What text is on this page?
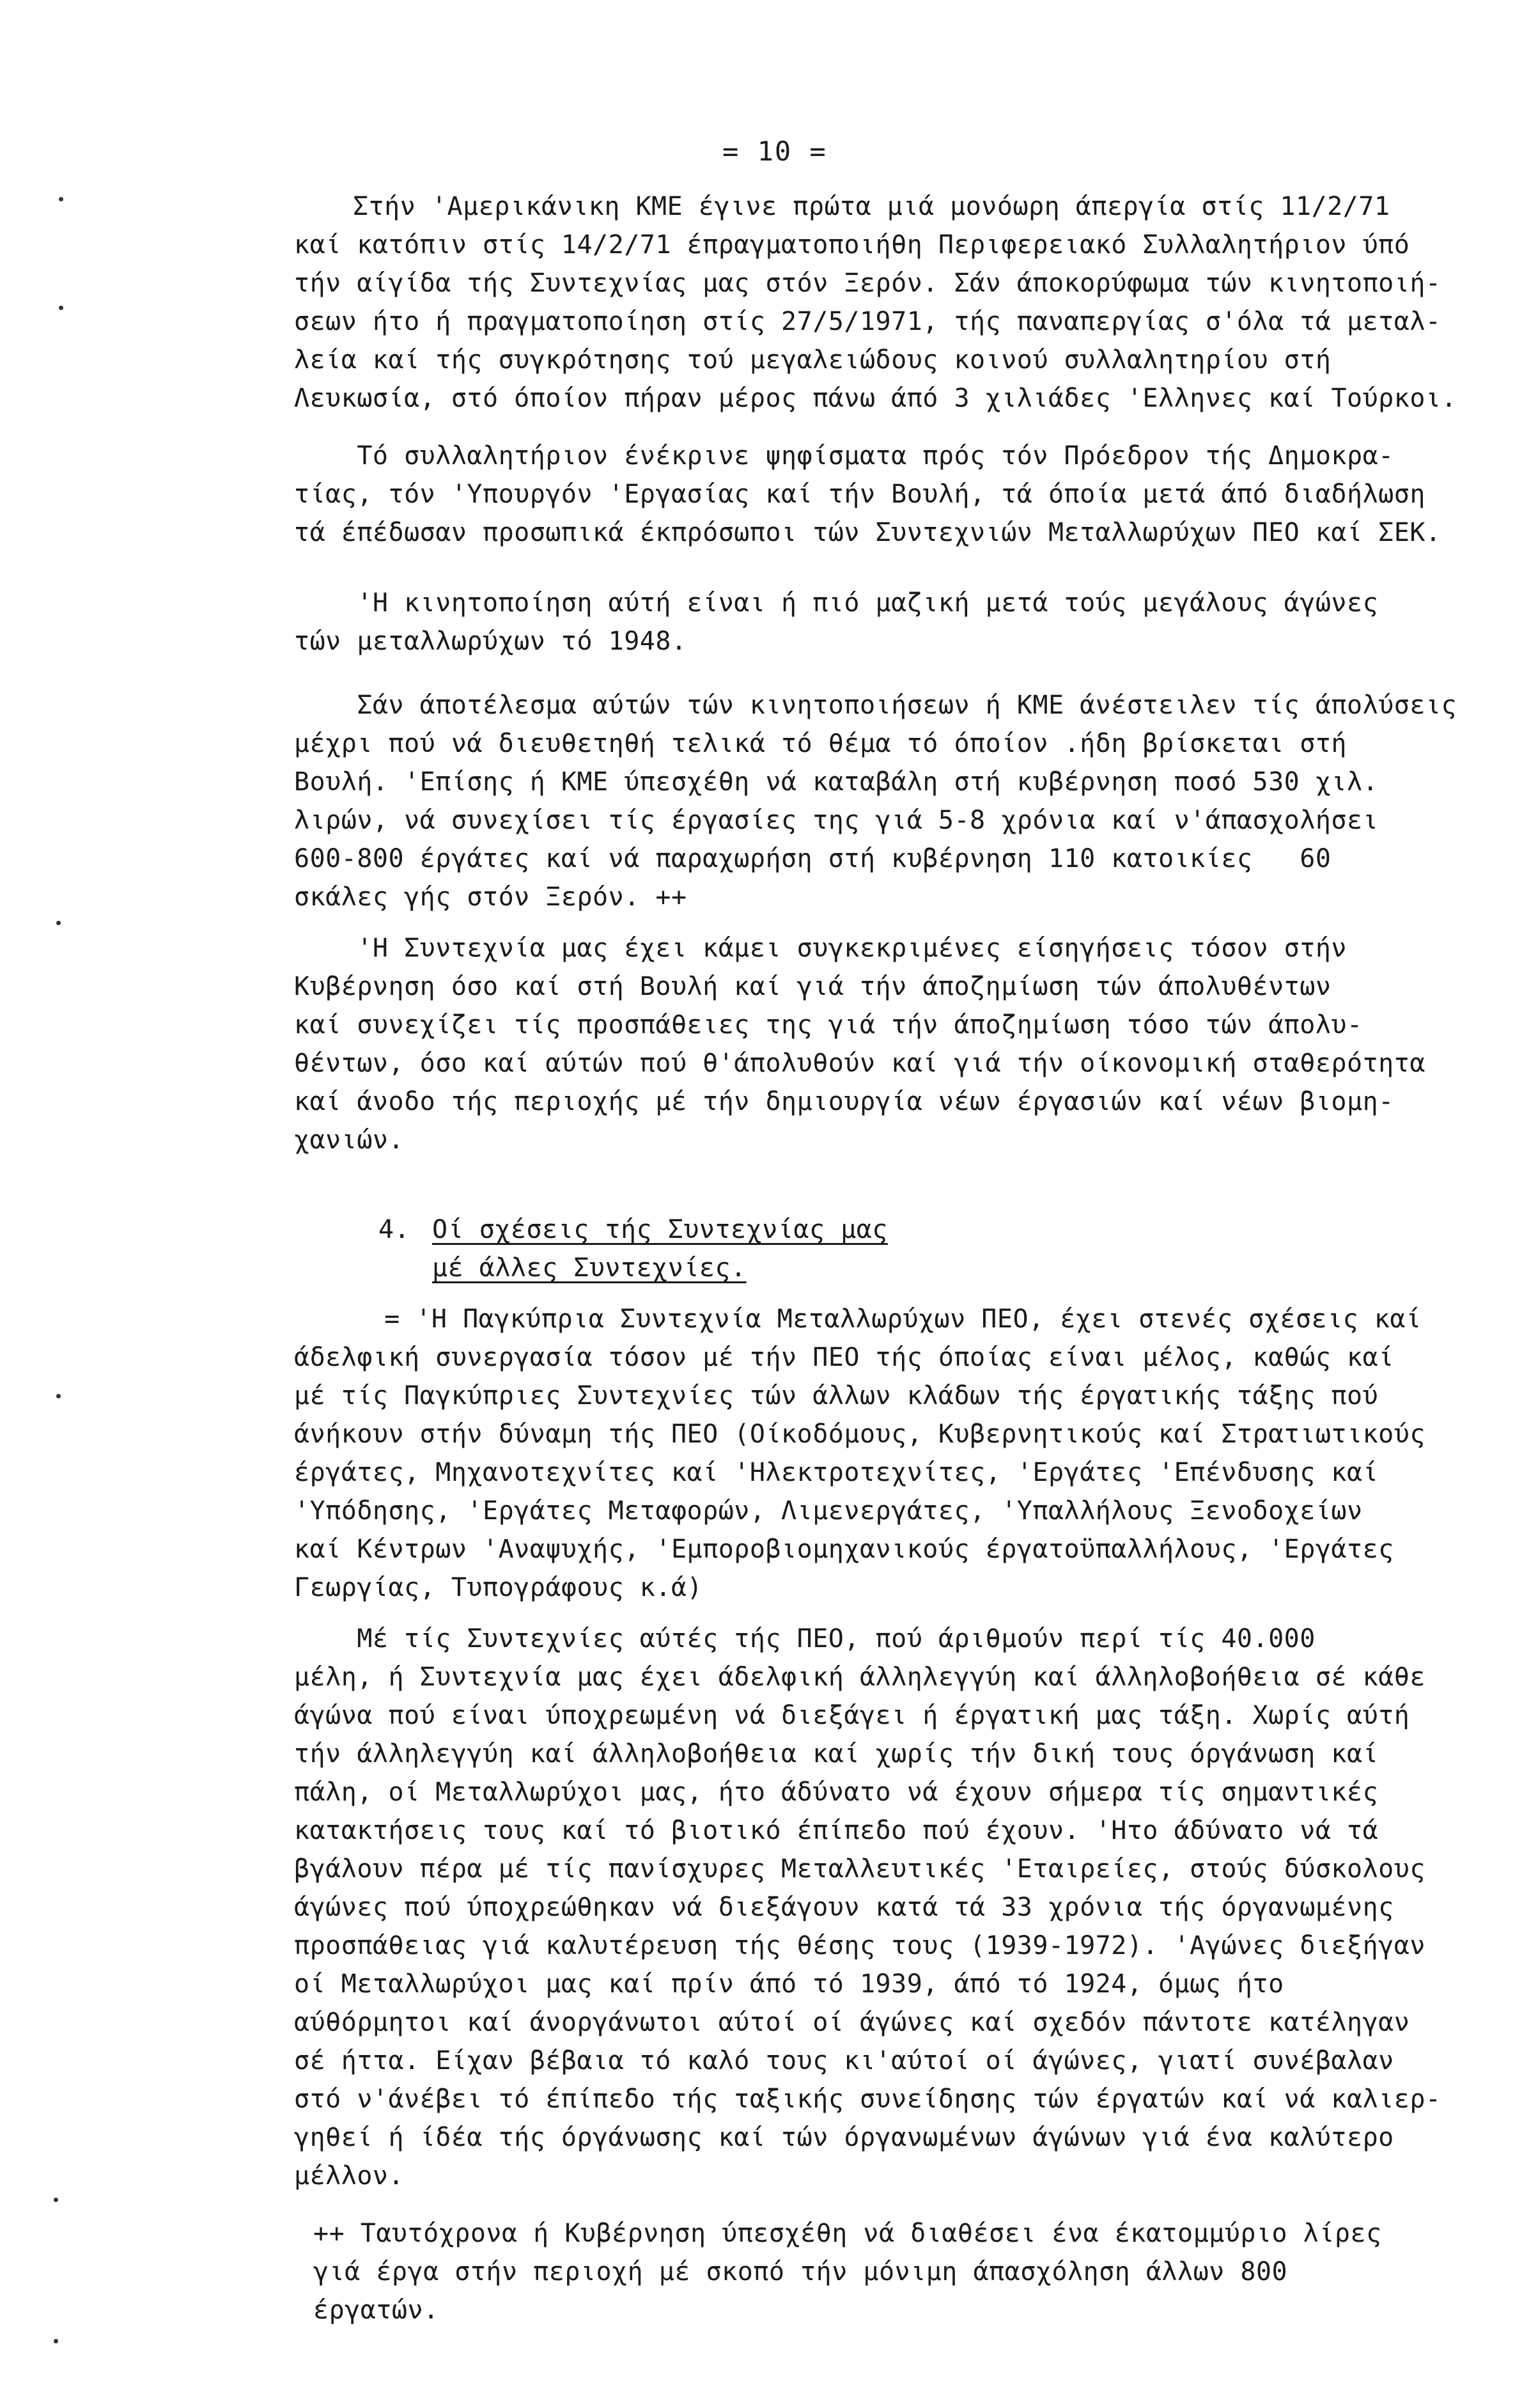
= 10 =
Στήν 'Αμερικάνικη ΚΜΕ έγινε πρώτα μιά μονόωρη άπεργία στίς 11/2/71
καί κατόπιν στίς 14/2/71 έπραγματοποιήθη Περιφερειακό Συλλαλητήριον ύπό
τήν αίγίδα τής Συντεχνίας μας στόν Ξερόν. Σάν άποκορύφωμα τών κινητοποιή-
σεων ήτο ή πραγματοποίηση στίς 27/5/1971, τής παναπεργίας σ'όλα τά μεταλ-
λεία καί τής συγκρότησης τού μεγαλειώδους κοινού συλλαλητηρίου στή
Λευκωσία, στό όποίον πήραν μέρος πάνω άπό 3 χιλιάδες 'Ελληνες καί Τούρκοι.
Τό συλλαλητήριον ένέκρινε ψηφίσματα πρός τόν Πρόεδρον τής Δημοκρα-
τίας, τόν 'Υπουργόν 'Εργασίας καί τήν Βουλή, τά όποία μετά άπό διαδήλωση
τά έπέδωσαν προσωπικά έκπρόσωποι τών Συντεχνιών Μεταλλωρύχων ΠΕΟ καί ΣΕΚ.
'Η κινητοποίηση αύτή είναι ή πιό μαζική μετά τούς μεγάλους άγώνες
τών μεταλλωρύχων τό 1948.
Σάν άποτέλεσμα αύτών τών κινητοποιήσεων ή ΚΜΕ άνέστειλεν τίς άπολύσεις
μέχρι πού νά διευθετηθή τελικά τό θέμα τό όποίον .ήδη βρίσκεται στή
Βουλή. 'Επίσης ή ΚΜΕ ύπεσχέθη νά καταβάλη στή κυβέρνηση ποσό 530 χιλ.
λιρών, νά συνεχίσει τίς έργασίες της γιά 5-8 χρόνια καί ν'άπασχολήσει
600-800 έργάτες καί νά παραχωρήση στή κυβέρνηση 110 κατοικίες   60
σκάλες γής στόν Ξερόν. ++
'Η Συντεχνία μας έχει κάμει συγκεκριμένες είσηγήσεις τόσον στήν
Κυβέρνηση όσο καί στή Βουλή καί γιά τήν άποζημίωση τών άπολυθέντων
καί συνεχίζει τίς προσπάθειες της γιά τήν άποζημίωση τόσο τών άπολυ-
θέντων, όσο καί αύτών πού θ'άπολυθούν καί γιά τήν οίκονομική σταθερότητα
καί άνοδο τής περιοχής μέ τήν δημιουργία νέων έργασιών καί νέων βιομη-
χανιών.
4. Οί σχέσεις τής Συντεχνίας μας
μέ άλλες Συντεχνίες.
= 'Η Παγκύπρια Συντεχνία Μεταλλωρύχων ΠΕΟ, έχει στενές σχέσεις καί
άδελφική συνεργασία τόσον μέ τήν ΠΕΟ τής όποίας είναι μέλος, καθώς καί
μέ τίς Παγκύπριες Συντεχνίες τών άλλων κλάδων τής έργατικής τάξης πού
άνήκουν στήν δύναμη τής ΠΕΟ (Οίκοδόμους, Κυβερνητικούς καί Στρατιωτικούς
έργάτες, Μηχανοτεχνίτες καί 'Ηλεκτροτεχνίτες, 'Εργάτες 'Επένδυσης καί
'Υπόδησης, 'Εργάτες Μεταφορών, Λιμενεργάτες, 'Υπαλλήλους Ξενοδοχείων
καί Κέντρων 'Αναψυχής, 'Εμποροβιομηχανικούς έργατοϋπαλλήλους, 'Εργάτες
Γεωργίας, Τυπογράφους κ.ά)
Μέ τίς Συντεχνίες αύτές τής ΠΕΟ, πού άριθμούν περί τίς 40.000
μέλη, ή Συντεχνία μας έχει άδελφική άλληλεγγύη καί άλληλοβοήθεια σέ κάθε
άγώνα πού είναι ύποχρεωμένη νά διεξάγει ή έργατική μας τάξη. Χωρίς αύτή
τήν άλληλεγγύη καί άλληλοβοήθεια καί χωρίς τήν δική τους όργάνωση καί
πάλη, οί Μεταλλωρύχοι μας, ήτο άδύνατο νά έχουν σήμερα τίς σημαντικές
κατακτήσεις τους καί τό βιοτικό έπίπεδο πού έχουν. 'Ητο άδύνατο νά τά
βγάλουν πέρα μέ τίς πανίσχυρες Μεταλλευτικές 'Εταιρείες, στούς δύσκολους
άγώνες πού ύποχρεώθηκαν νά διεξάγουν κατά τά 33 χρόνια τής όργανωμένης
προσπάθειας γιά καλυτέρευση τής θέσης τους (1939-1972). 'Αγώνες διεξήγαν
οί Μεταλλωρύχοι μας καί πρίν άπό τό 1939, άπό τό 1924, όμως ήτο
αύθόρμητοι καί άνοργάνωτοι αύτοί οί άγώνες καί σχεδόν πάντοτε κατέληγαν
σέ ήττα. Είχαν βέβαια τό καλό τους κι'αύτοί οί άγώνες, γιατί συνέβαλαν
στό ν'άνέβει τό έπίπεδο τής ταξικής συνείδησης τών έργατών καί νά καλιερ-
γηθεί ή ίδέα τής όργάνωσης καί τών όργανωμένων άγώνων γιά ένα καλύτερο
μέλλον.
++ Ταυτόχρονα ή Κυβέρνηση ύπεσχέθη νά διαθέσει ένα έκατομμύριο λίρες
γιά έργα στήν περιοχή μέ σκοπό τήν μόνιμη άπασχόληση άλλων 800
έργατών.
